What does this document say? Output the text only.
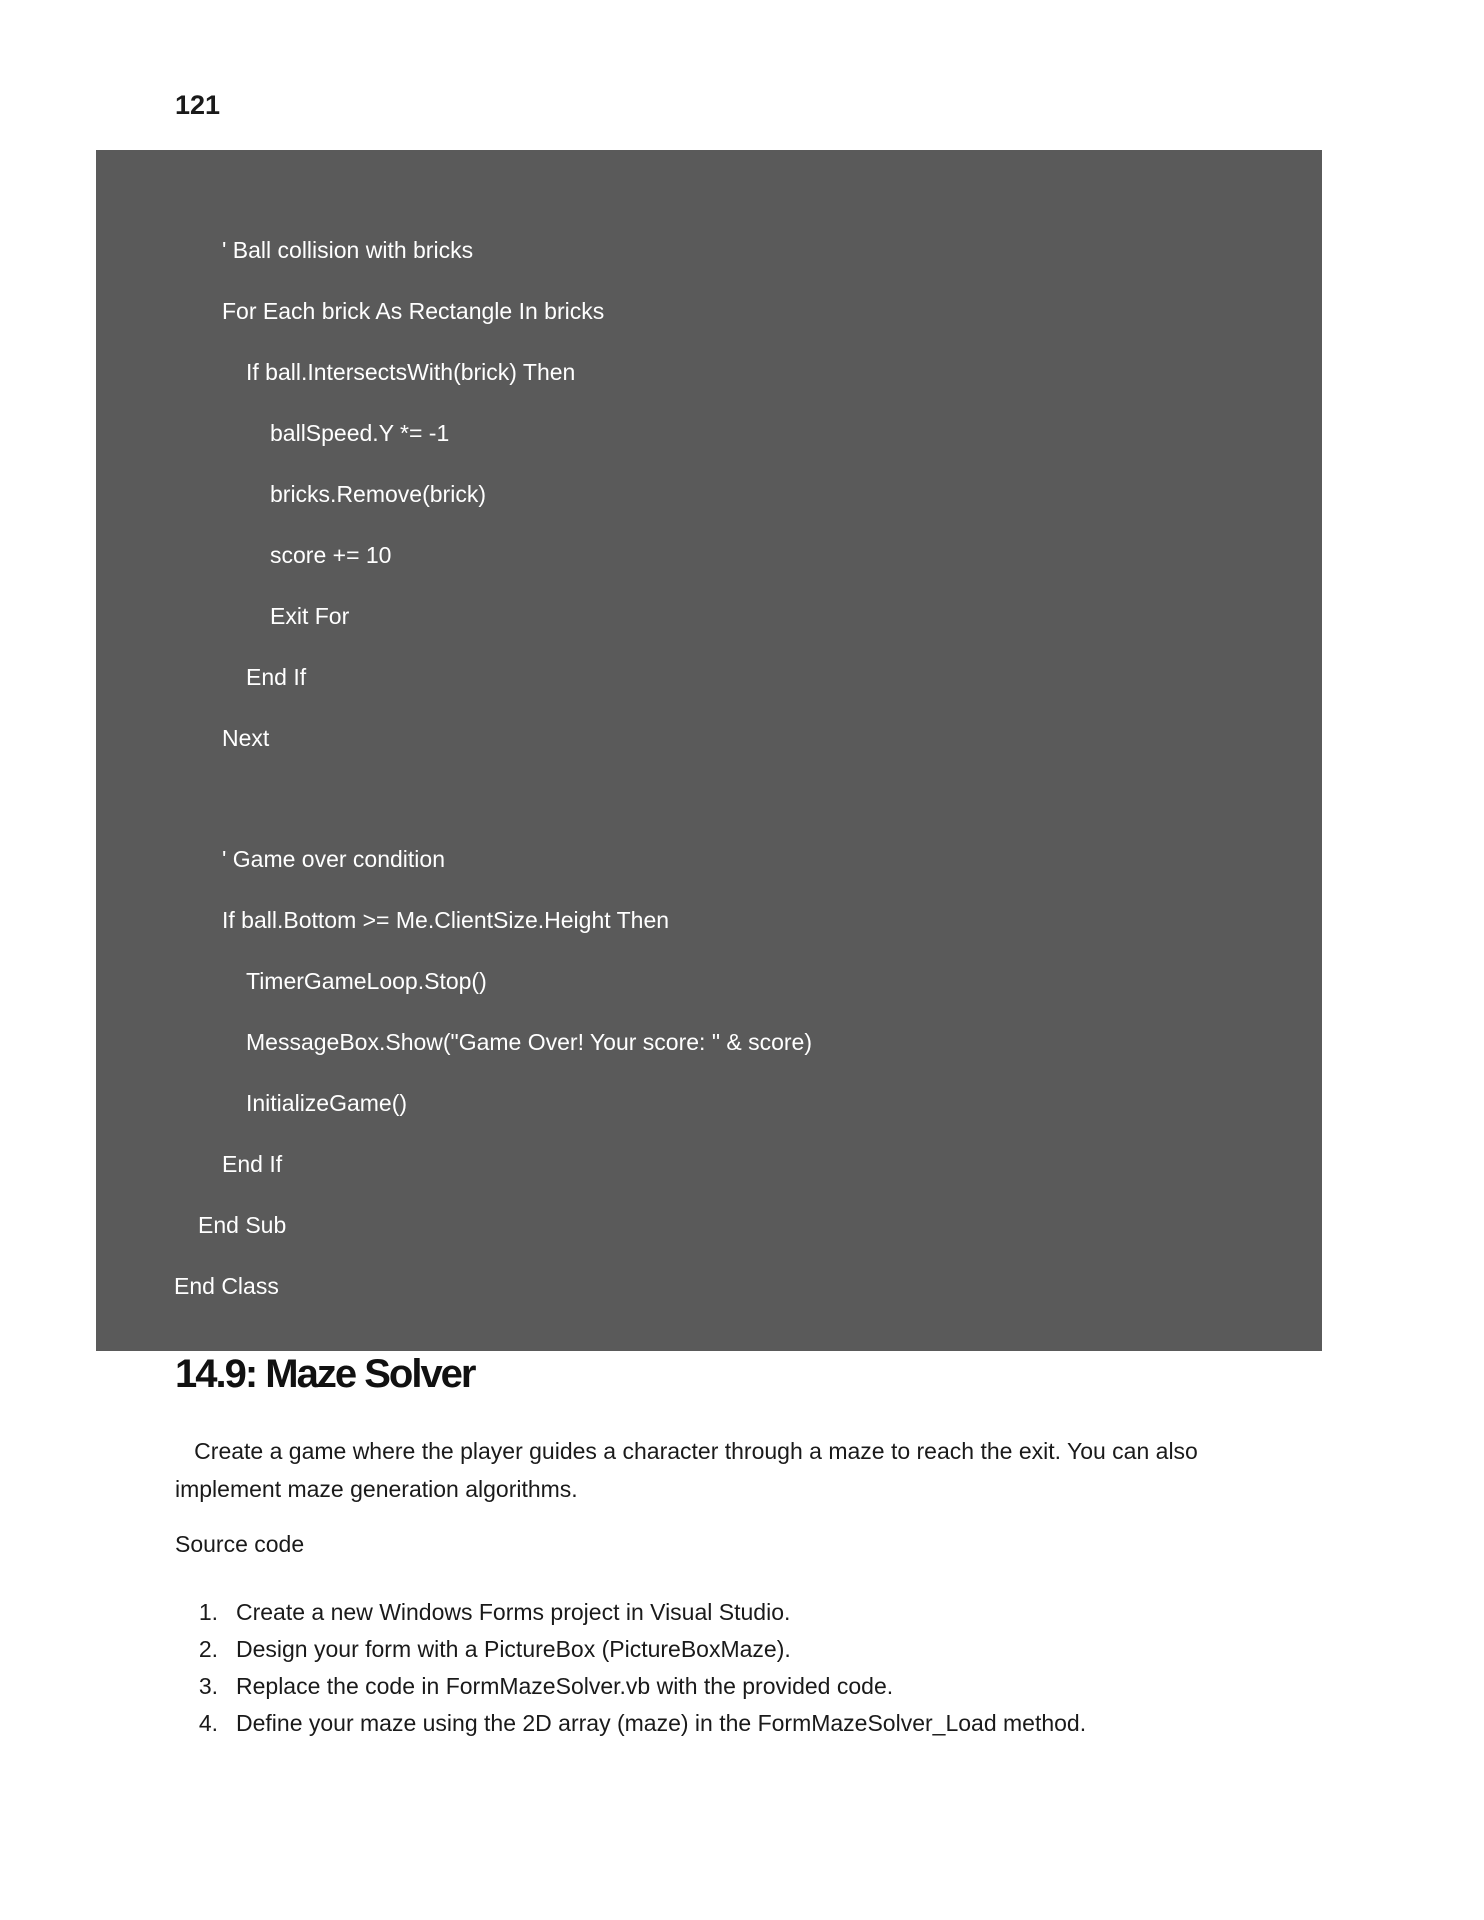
121
' Ball collision with bricks
For Each brick As Rectangle In bricks
If ball.IntersectsWith(brick) Then
ballSpeed.Y *= -1
bricks.Remove(brick)
score += 10
Exit For
End If
Next
' Game over condition
If ball.Bottom >= Me.ClientSize.Height Then
TimerGameLoop.Stop()
MessageBox.Show("Game Over! Your score: " & score)
InitializeGame()
End If
End Sub
End Class
14.9: Maze Solver

Create a game where the player guides a character through a maze to reach the exit. You can also implement maze generation algorithms.

Source code
1. Create a new Windows Forms project in Visual Studio.
2. Design your form with a PictureBox (PictureBoxMaze).
3. Replace the code in FormMazeSolver.vb with the provided code.
4. Define your maze using the 2D array (maze) in the FormMazeSolver_Load method.
